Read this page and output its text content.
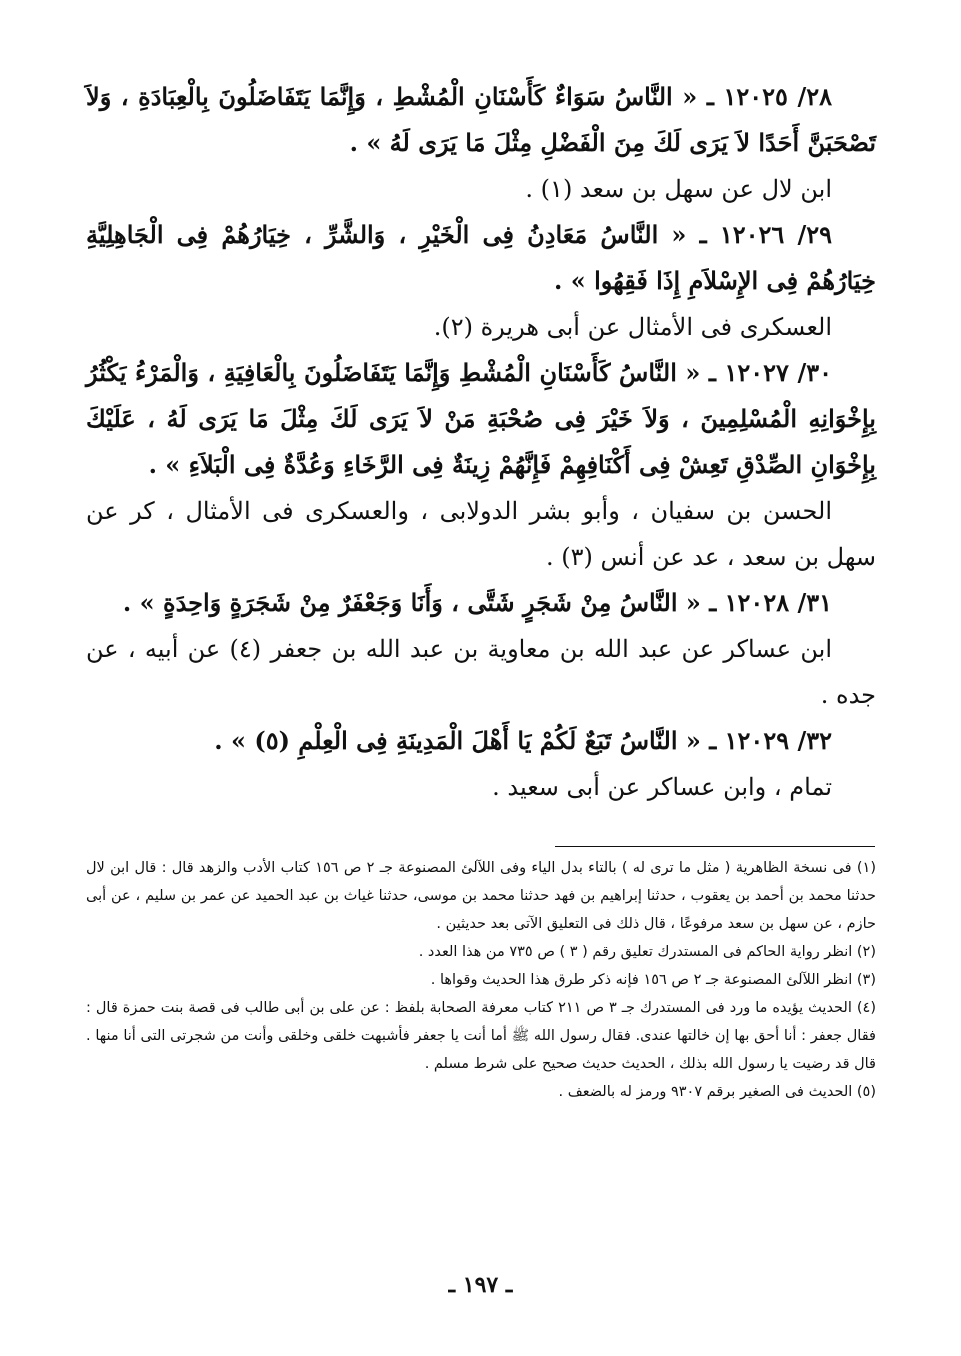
٢٨/ ١٢٠٢٥ ـ « النَّاسُ سَوَاءٌ كَأَسْنَانِ الْمُشْطِ ، وَإِنَّمَا يَتَفَاضَلُونَ بِالْعِبَادَةِ ، وَلاَ تَصْحَبَنَّ أَحَدًا لاَ يَرَى لَكَ مِنَ الْفَضْلِ مِثْلَ مَا يَرَى لَهُ » .

ابن لال عن سهل بن سعد (١) .

٢٩/ ١٢٠٢٦ ـ « النَّاسُ مَعَادِنُ فِى الْخَيْرِ ، وَالشَّرِّ ، خِيَارُهُمْ فِى الْجَاهِلِيَّةِ خِيَارُهُمْ فِى الإِسْلاَمِ إِذَا فَقِهُوا » .

العسكرى فى الأمثال عن أبى هريرة (٢).

٣٠/ ١٢٠٢٧ ـ « النَّاسُ كَأَسْنَانِ الْمُشْطِ وَإِنَّمَا يَتَفَاضَلُونَ بِالْعَافِيَةِ ، وَالْمَرْءُ يَكْثُرُ بِإِخْوَانِهِ الْمُسْلِمِينَ ، وَلاَ خَيْرَ فِى صُحْبَةِ مَنْ لاَ يَرَى لَكَ مِثْلَ مَا يَرَى لَهُ ، عَلَيْكَ بِإِخْوَانِ الصِّدْقِ تَعِشْ فِى أَكْنَافِهِمْ فَإِنَّهُمْ زِينَةٌ فِى الرَّخَاءِ وَعُدَّةٌ فِى الْبَلاَءِ » .

الحسن بن سفيان ، وأبو بشر الدولابى ، والعسكرى فى الأمثال ، كر عن سهل بن سعد ، عد عن أنس (٣) .

٣١/ ١٢٠٢٨ ـ « النَّاسُ مِنْ شَجَرٍ شَتَّى ، وَأَنَا وَجَعْفَرٌ مِنْ شَجَرَةٍ وَاحِدَةٍ » .

ابن عساكر عن عبد الله بن معاوية بن عبد الله بن جعفر (٤) عن أبيه ، عن جده .

٣٢/ ١٢٠٢٩ ـ « النَّاسُ تَبَعٌ لَكُمْ يَا أَهْلَ الْمَدِينَةِ فِى الْعِلْمِ (٥) » .

تمام ، وابن عساكر عن أبى سعيد .

(١) فى نسخة الظاهرية ( مثل ما ترى له ) بالتاء بدل الياء وفى اللآلئ المصنوعة جـ ٢ ص ١٥٦ كتاب الأدب والزهد قال : قال ابن لال حدثنا محمد بن أحمد بن يعقوب ، حدثنا إبراهيم بن فهد حدثنا محمد بن موسى، حدثنا غياث بن عبد الحميد عن عمر بن سليم ، عن أبى حازم ، عن سهل بن سعد مرفوعًا ، قال ذلك فى التعليق الآتى بعد حديثين .

(٢) انظر رواية الحاكم فى المستدرك تعليق رقم ( ٣ ) ص ٧٣٥ من هذا العدد .

(٣) انظر اللآلئ المصنوعة جـ ٢ ص ١٥٦ فإنه ذكر طرق هذا الحديث وقواها .

(٤) الحديث يؤيده ما ورد فى المستدرك جـ ٣ ص ٢١١ كتاب معرفة الصحابة بلفظ : عن على بن أبى طالب فى قصة بنت حمزة قال : فقال جعفر : أنا أحق بها إن خالتها عندى. فقال رسول الله ﷺ أما أنت يا جعفر فأشبهت خلقى وخلقى وأنت من شجرتى التى أنا منها . قال قد رضيت يا رسول الله بذلك ، الحديث حديث صحيح على شرط مسلم .

(٥) الحديث فى الصغير برقم ٩٣٠٧ ورمز له بالضعف .

ـ ١٩٧ ـ
